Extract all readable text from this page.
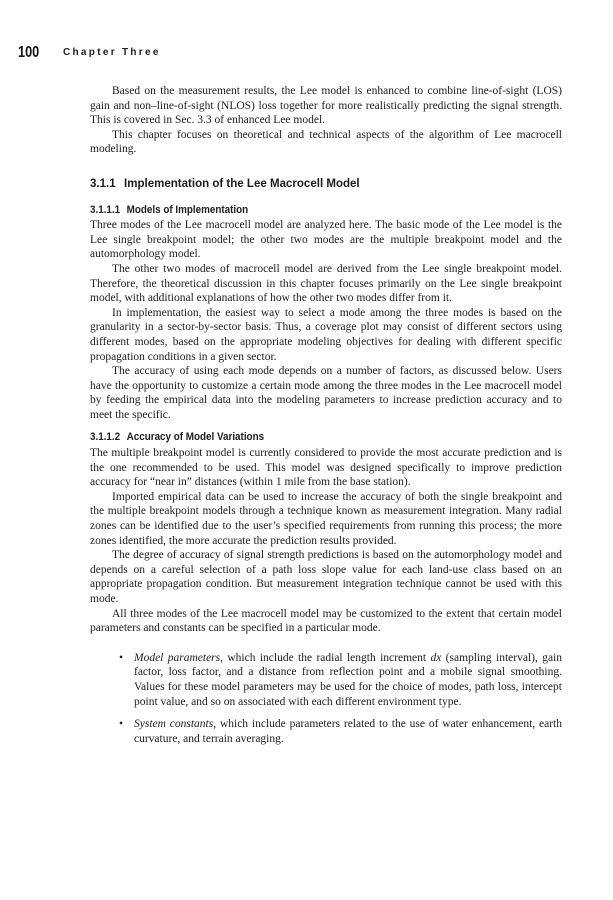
100 Chapter Three

Based on the measurement results, the Lee model is enhanced to combine line-of-sight (LOS) gain and non–line-of-sight (NLOS) loss together for more realistically predicting the signal strength. This is covered in Sec. 3.3 of enhanced Lee model.

This chapter focuses on theoretical and technical aspects of the algorithm of Lee macrocell modeling.

3.1.1 Implementation of the Lee Macrocell Model
3.1.1.1 Models of Implementation

Three modes of the Lee macrocell model are analyzed here. The basic mode of the Lee model is the Lee single breakpoint model; the other two modes are the multiple breakpoint model and the automorphology model.

The other two modes of macrocell model are derived from the Lee single breakpoint model. Therefore, the theoretical discussion in this chapter focuses primarily on the Lee single breakpoint model, with additional explanations of how the other two modes differ from it.

In implementation, the easiest way to select a mode among the three modes is based on the granularity in a sector-by-sector basis. Thus, a coverage plot may consist of different sectors using different modes, based on the appropriate modeling objectives for dealing with different specific propagation conditions in a given sector.

The accuracy of using each mode depends on a number of factors, as discussed below. Users have the opportunity to customize a certain mode among the three modes in the Lee macrocell model by feeding the empirical data into the modeling parameters to increase prediction accuracy and to meet the specific.

3.1.1.2 Accuracy of Model Variations

The multiple breakpoint model is currently considered to provide the most accurate prediction and is the one recommended to be used. This model was designed specifically to improve prediction accuracy for “near in” distances (within 1 mile from the base station).

Imported empirical data can be used to increase the accuracy of both the single breakpoint and the multiple breakpoint models through a technique known as measurement integration. Many radial zones can be identified due to the user’s specified requirements from running this process; the more zones identified, the more accurate the prediction results provided.

The degree of accuracy of signal strength predictions is based on the automorphology model and depends on a careful selection of a path loss slope value for each land-use class based on an appropriate propagation condition. But measurement integration technique cannot be used with this mode.

All three modes of the Lee macrocell model may be customized to the extent that certain model parameters and constants can be specified in a particular mode.

• Model parameters, which include the radial length increment dx (sampling interval), gain factor, loss factor, and a distance from reflection point and a mobile signal smoothing. Values for these model parameters may be used for the choice of modes, path loss, intercept point value, and so on associated with each different environment type.
• System constants, which include parameters related to the use of water enhancement, earth curvature, and terrain averaging.
